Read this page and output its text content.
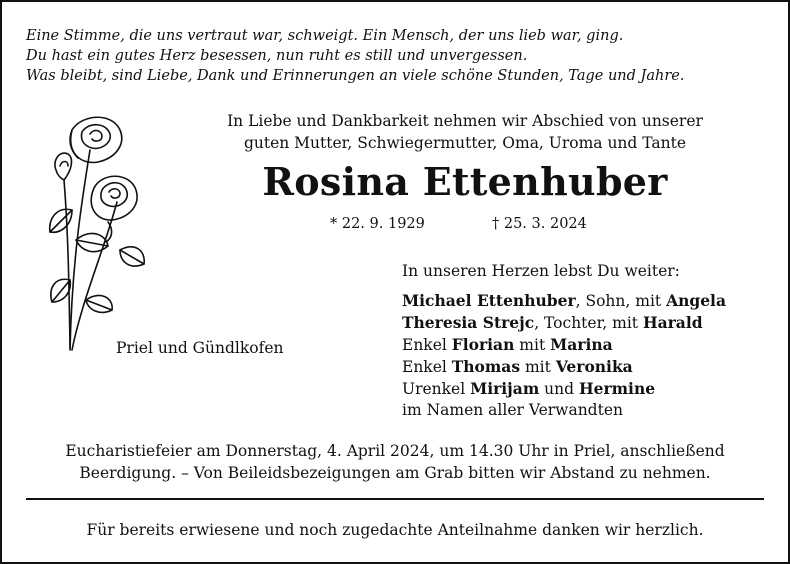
Eine Stimme, die uns vertraut war, schweigt. Ein Mensch, der uns lieb war, ging.
Du hast ein gutes Herz besessen, nun ruht es still und unvergessen.
Was bleibt, sind Liebe, Dank und Erinnerungen an viele schöne Stunden, Tage und Jahre.
In Liebe und Dankbarkeit nehmen wir Abschied von unserer
guten Mutter, Schwiegermutter, Oma, Uroma und Tante
Rosina Ettenhuber
* 22. 9. 1929	† 25. 3. 2024
Priel und Gündlkofen
In unseren Herzen lebst Du weiter:
Michael Ettenhuber, Sohn, mit Angela
Theresia Strejc, Tochter, mit Harald
Enkel Florian mit Marina
Enkel Thomas mit Veronika
Urenkel Mirijam und Hermine
im Namen aller Verwandten
Eucharistiefeier am Donnerstag, 4. April 2024, um 14.30 Uhr in Priel, anschließend
Beerdigung. – Von Beileidsbezeigungen am Grab bitten wir Abstand zu nehmen.
Für bereits erwiesene und noch zugedachte Anteilnahme danken wir herzlich.
